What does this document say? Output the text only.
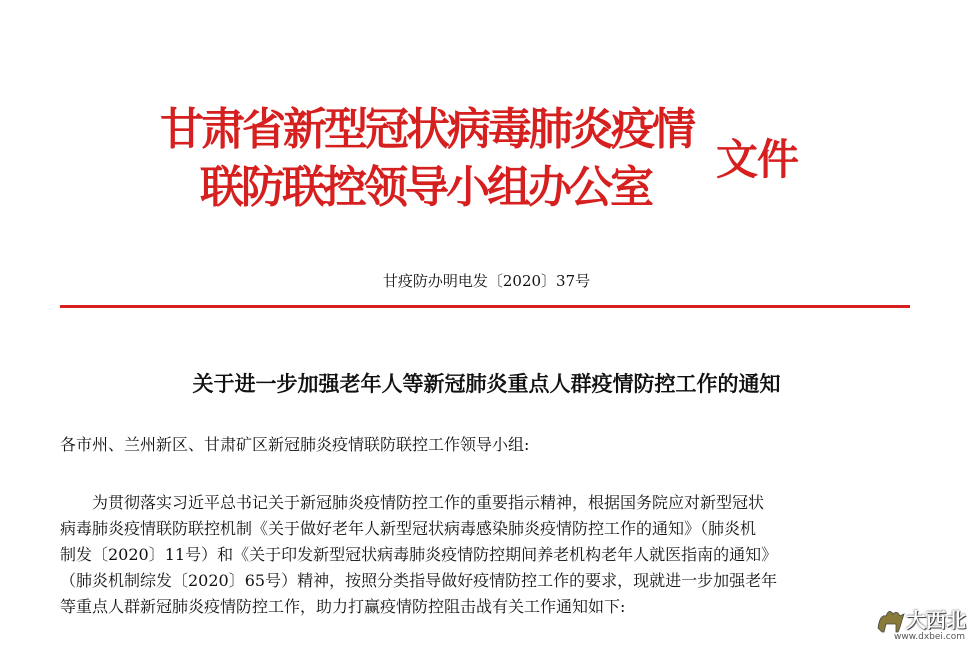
甘肃省新型冠状病毒肺炎疫情
联防联控领导小组办公室
文件
甘疫防办明电发〔2020〕37号
关于进一步加强老年人等新冠肺炎重点人群疫情防控工作的通知
各市州、兰州新区、甘肃矿区新冠肺炎疫情联防联控工作领导小组:
为贯彻落实习近平总书记关于新冠肺炎疫情防控工作的重要指示精神，根据国务院应对新型冠状
病毒肺炎疫情联防联控机制《关于做好老年人新型冠状病毒感染肺炎疫情防控工作的通知》（肺炎机
制发〔2020〕11号）和《关于印发新型冠状病毒肺炎疫情防控期间养老机构老年人就医指南的通知》
（肺炎机制综发〔2020〕65号）精神，按照分类指导做好疫情防控工作的要求，现就进一步加强老年
等重点人群新冠肺炎疫情防控工作，助力打赢疫情防控阻击战有关工作通知如下:
大西北
www.dxbei.com
